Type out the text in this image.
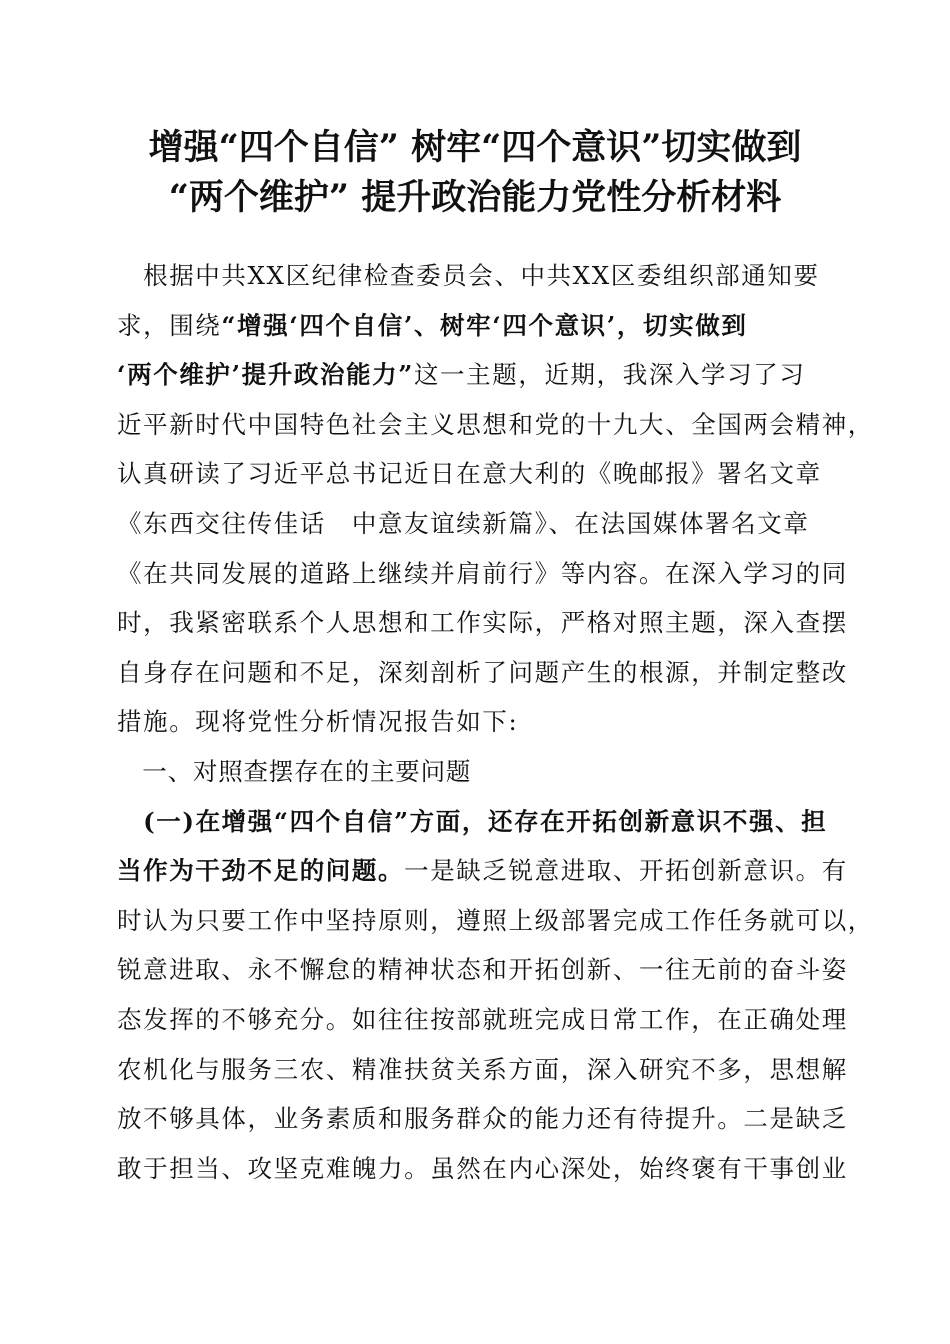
增强“四个自信” 树牢“四个意识”切实做到
“两个维护” 提升政治能力党性分析材料
　根据中共XX区纪律检查委员会、中共XX区委组织部通知要
求，围绕“增强‘四个自信’、树牢‘四个意识’，切实做到
‘两个维护’提升政治能力”这一主题，近期，我深入学习了习
近平新时代中国特色社会主义思想和党的十九大、全国两会精神，
认真研读了习近平总书记近日在意大利的《晚邮报》署名文章
《东西交往传佳话　中意友谊续新篇》、在法国媒体署名文章
《在共同发展的道路上继续并肩前行》等内容。在深入学习的同
时，我紧密联系个人思想和工作实际，严格对照主题，深入查摆
自身存在问题和不足，深刻剖析了问题产生的根源，并制定整改
措施。现将党性分析情况报告如下:
　一、对照查摆存在的主要问题
　(一)在增强“四个自信”方面，还存在开拓创新意识不强、担
当作为干劲不足的问题。一是缺乏锐意进取、开拓创新意识。有
时认为只要工作中坚持原则，遵照上级部署完成工作任务就可以，
锐意进取、永不懈怠的精神状态和开拓创新、一往无前的奋斗姿
态发挥的不够充分。如往往按部就班完成日常工作，在正确处理
农机化与服务三农、精准扶贫关系方面，深入研究不多，思想解
放不够具体，业务素质和服务群众的能力还有待提升。二是缺乏
敢于担当、攻坚克难魄力。虽然在内心深处，始终褒有干事创业
